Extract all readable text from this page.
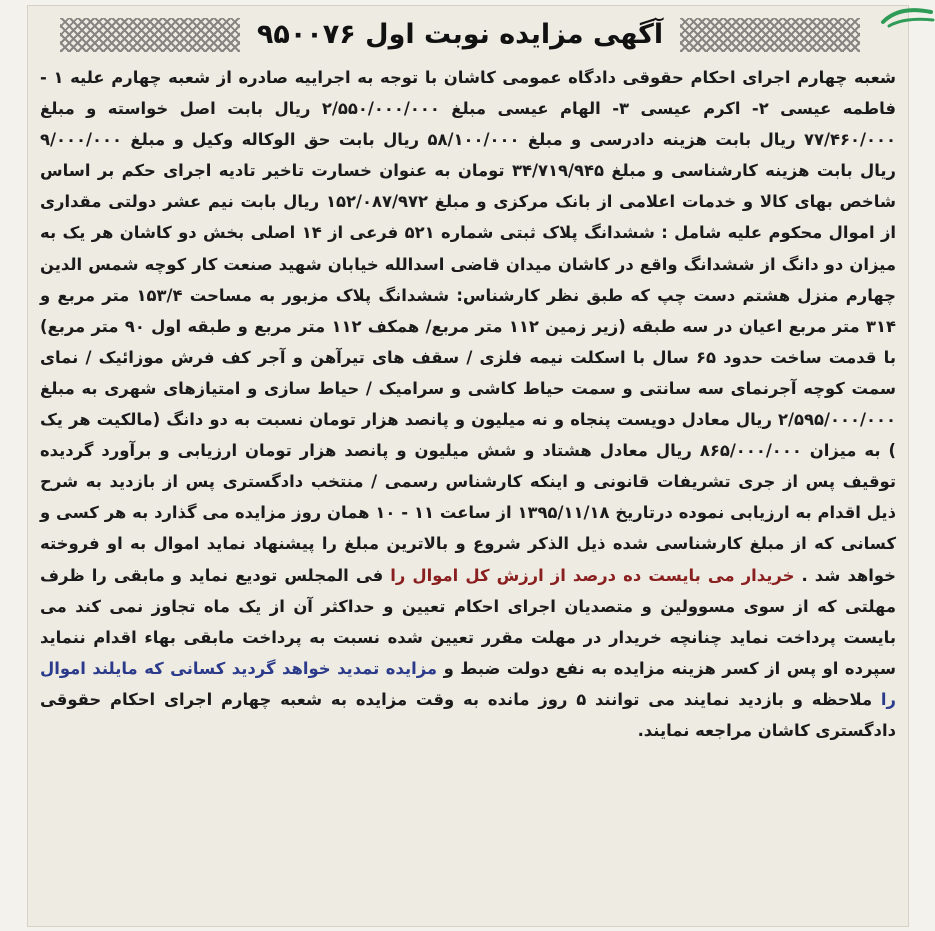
آگهی مزایده نوبت اول ۹۵۰۰۷۶
شعبه چهارم اجرای احکام حقوقی دادگاه عمومی کاشان با توجه به اجراییه صادره از شعبه چهارم علیه ۱ - فاطمه عیسی ۲- اکرم عیسی ۳- الهام عیسی مبلغ ۲/۵۵۰/۰۰۰/۰۰۰ ریال بابت اصل خواسته و مبلغ ۷۷/۴۶۰/۰۰۰ ریال بابت هزینه دادرسی و مبلغ ۵۸/۱۰۰/۰۰۰ ریال بابت حق الوکاله وکیل و مبلغ ۹/۰۰۰/۰۰۰ ریال بابت هزینه کارشناسی و مبلغ ۳۴/۷۱۹/۹۴۵ تومان به عنوان خسارت تاخیر تادیه اجرای حکم بر اساس شاخص بهای کالا و خدمات اعلامی از بانک مرکزی و مبلغ ۱۵۲/۰۸۷/۹۷۲ ریال بابت نیم عشر دولتی مقداری از اموال محکوم علیه شامل : ششدانگ پلاک ثبتی شماره ۵۲۱ فرعی از ۱۴ اصلی بخش دو کاشان هر یک به میزان دو دانگ از ششدانگ واقع در کاشان میدان قاضی اسدالله خیابان شهید صنعت کار کوچه شمس الدین چهارم منزل هشتم دست چپ که طبق نظر کارشناس: ششدانگ پلاک مزبور به مساحت ۱۵۳/۴ متر مربع و ۳۱۴ متر مربع اعیان در سه طبقه (زیر زمین ۱۱۲ متر مربع/ همکف ۱۱۲ متر مربع و طبقه اول ۹۰ متر مربع) با قدمت ساخت حدود ۶۵ سال با اسکلت نیمه فلزی / سقف های تیرآهن و آجر کف فرش موزائیک / نمای سمت کوچه آجرنمای سه سانتی و سمت حیاط کاشی و سرامیک / حیاط سازی و امتیازهای شهری به مبلغ ۲/۵۹۵/۰۰۰/۰۰۰ ریال معادل دویست پنجاه و نه میلیون و پانصد هزار تومان نسبت به دو دانگ (مالکیت هر یک ) به میزان ۸۶۵/۰۰۰/۰۰۰ ریال معادل هشتاد و شش میلیون و پانصد هزار تومان ارزیابی و برآورد گردیده توقیف پس از جری تشریفات قانونی و اینکه کارشناس رسمی / منتخب دادگستری پس از بازدید به شرح ذیل اقدام به ارزیابی نموده درتاریخ ۱۳۹۵/۱۱/۱۸ از ساعت ۱۱ - ۱۰ همان روز مزایده می گذارد به هر کسی و کسانی که از مبلغ کارشناسی شده ذیل الذکر شروع و بالاترین مبلغ را پیشنهاد نماید اموال به او فروخته خواهد شد . خریدار می بایست ده درصد از ارزش کل اموال را فی المجلس تودیع نماید و مابقی را ظرف مهلتی که از سوی مسوولین و متصدیان اجرای احکام تعیین و حداکثر آن از یک ماه تجاوز نمی کند می بایست پرداخت نماید چنانچه خریدار در مهلت مقرر تعیین شده نسبت به پرداخت مابقی بهاء اقدام ننماید سپرده او پس از کسر هزینه مزایده به نفع دولت ضبط و مزایده تمدید خواهد گردید کسانی که مایلند اموال را ملاحظه و بازدید نمایند می توانند ۵ روز مانده به وقت مزایده به شعبه چهارم اجرای احکام حقوقی دادگستری کاشان مراجعه نمایند.
